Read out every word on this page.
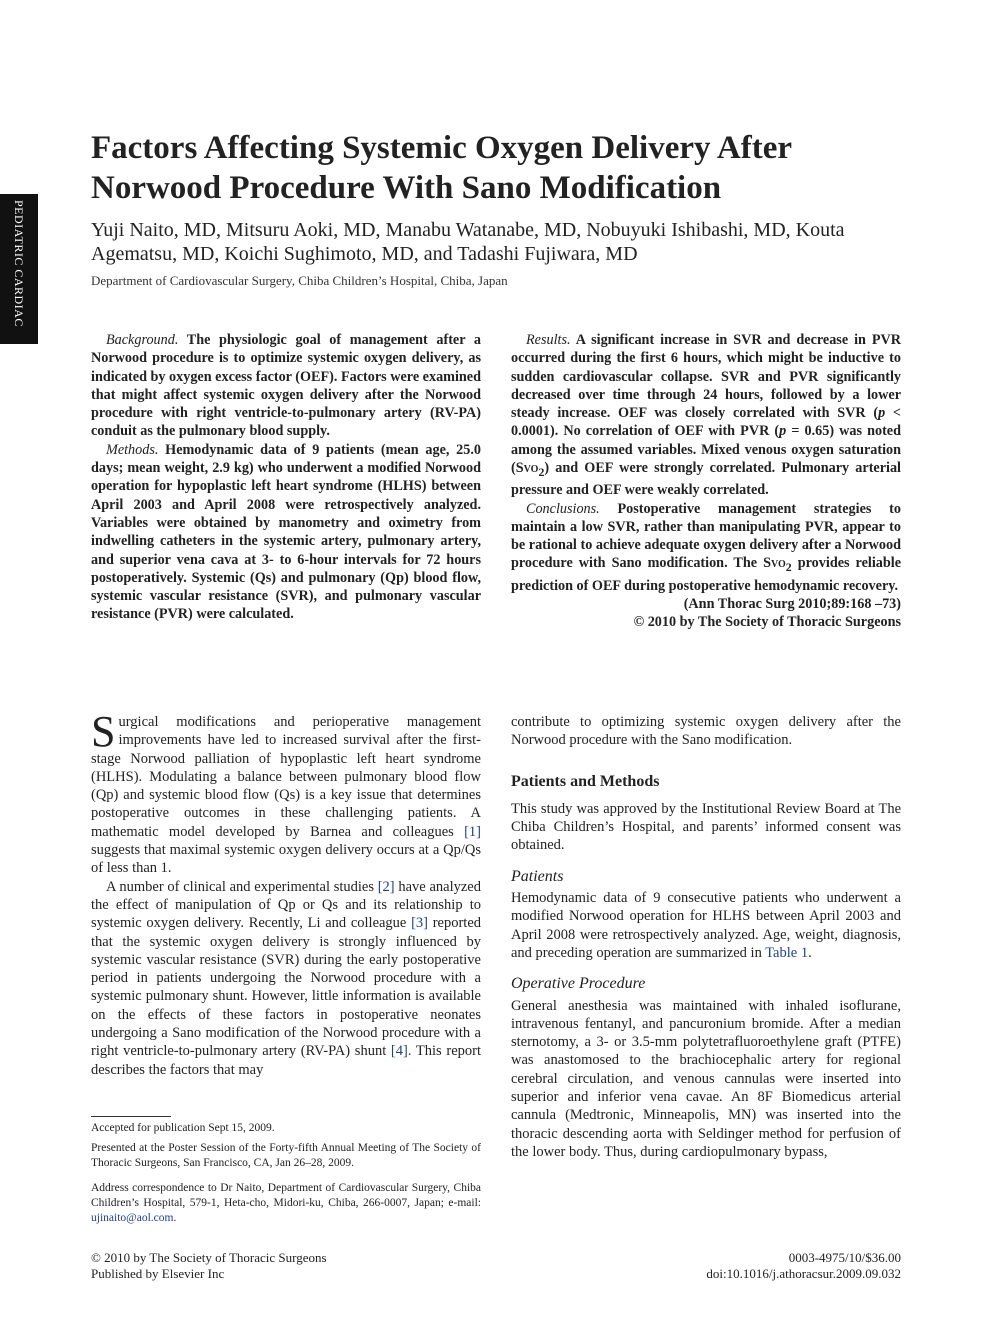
PEDIATRIC CARDIAC
Factors Affecting Systemic Oxygen Delivery After Norwood Procedure With Sano Modification
Yuji Naito, MD, Mitsuru Aoki, MD, Manabu Watanabe, MD, Nobuyuki Ishibashi, MD, Kouta Agematsu, MD, Koichi Sughimoto, MD, and Tadashi Fujiwara, MD
Department of Cardiovascular Surgery, Chiba Children’s Hospital, Chiba, Japan

Background. The physiologic goal of management after a Norwood procedure is to optimize systemic oxygen delivery, as indicated by oxygen excess factor (OEF). Factors were examined that might affect systemic oxygen delivery after the Norwood procedure with right ventricle-to-pulmonary artery (RV-PA) conduit as the pulmonary blood supply.

Methods. Hemodynamic data of 9 patients (mean age, 25.0 days; mean weight, 2.9 kg) who underwent a modified Norwood operation for hypoplastic left heart syndrome (HLHS) between April 2003 and April 2008 were retrospectively analyzed. Variables were obtained by manometry and oximetry from indwelling catheters in the systemic artery, pulmonary artery, and superior vena cava at 3- to 6-hour intervals for 72 hours postoperatively. Systemic (Qs) and pulmonary (Qp) blood flow, systemic vascular resistance (SVR), and pulmonary vascular resistance (PVR) were calculated.

Results. A significant increase in SVR and decrease in PVR occurred during the first 6 hours, which might be inductive to sudden cardiovascular collapse. SVR and PVR significantly decreased over time through 24 hours, followed by a lower steady increase. OEF was closely correlated with SVR (p < 0.0001). No correlation of OEF with PVR (p = 0.65) was noted among the assumed variables. Mixed venous oxygen saturation (Svo$_2$) and OEF were strongly correlated. Pulmonary arterial pressure and OEF were weakly correlated.

Conclusions. Postoperative management strategies to maintain a low SVR, rather than manipulating PVR, appear to be rational to achieve adequate oxygen delivery after a Norwood procedure with Sano modification. The Svo$_2$ provides reliable prediction of OEF during postoperative hemodynamic recovery.

(Ann Thorac Surg 2010;89:168 –73)

© 2010 by The Society of Thoracic Surgeons

Surgical modifications and perioperative management improvements have led to increased survival after the first-stage Norwood palliation of hypoplastic left heart syndrome (HLHS). Modulating a balance between pulmonary blood flow (Qp) and systemic blood flow (Qs) is a key issue that determines postoperative outcomes in these challenging patients. A mathematic model developed by Barnea and colleagues [1] suggests that maximal systemic oxygen delivery occurs at a Qp/Qs of less than 1.

A number of clinical and experimental studies [2] have analyzed the effect of manipulation of Qp or Qs and its relationship to systemic oxygen delivery. Recently, Li and colleague [3] reported that the systemic oxygen delivery is strongly influenced by systemic vascular resistance (SVR) during the early postoperative period in patients undergoing the Norwood procedure with a systemic pulmonary shunt. However, little information is available on the effects of these factors in postoperative neonates undergoing a Sano modification of the Norwood procedure with a right ventricle-to-pulmonary artery (RV-PA) shunt [4]. This report describes the factors that may

contribute to optimizing systemic oxygen delivery after the Norwood procedure with the Sano modification.

Patients and Methods

This study was approved by the Institutional Review Board at The Chiba Children’s Hospital, and parents’ informed consent was obtained.

Patients

Hemodynamic data of 9 consecutive patients who underwent a modified Norwood operation for HLHS between April 2003 and April 2008 were retrospectively analyzed. Age, weight, diagnosis, and preceding operation are summarized in Table 1.

Operative Procedure

General anesthesia was maintained with inhaled isoflurane, intravenous fentanyl, and pancuronium bromide. After a median sternotomy, a 3- or 3.5-mm polytetrafluoroethylene graft (PTFE) was anastomosed to the brachiocephalic artery for regional cerebral circulation, and venous cannulas were inserted into superior and inferior vena cavae. An 8F Biomedicus arterial cannula (Medtronic, Minneapolis, MN) was inserted into the thoracic descending aorta with Seldinger method for perfusion of the lower body. Thus, during cardiopulmonary bypass,

Accepted for publication Sept 15, 2009.

Presented at the Poster Session of the Forty-fifth Annual Meeting of The Society of Thoracic Surgeons, San Francisco, CA, Jan 26–28, 2009.

Address correspondence to Dr Naito, Department of Cardiovascular Surgery, Chiba Children’s Hospital, 579-1, Heta-cho, Midori-ku, Chiba, 266-0007, Japan; e-mail: ujinaito@aol.com.

© 2010 by The Society of Thoracic Surgeons
Published by Elsevier Inc
0003-4975/10/$36.00
doi:10.1016/j.athoracsur.2009.09.032
